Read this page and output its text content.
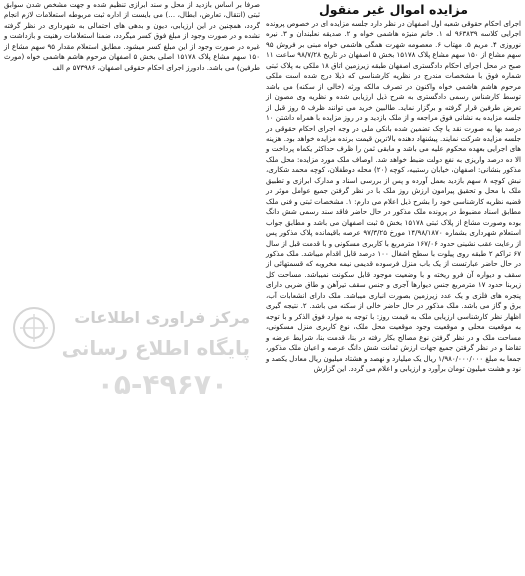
مزایده اموال غیر منقول

اجرای احکام حقوقی شعبه اول اصفهان در نظر دارد جلسه مزایده ای در خصوص پرونده اجرایی کلاسه ۹۶۳۸۳۹ له ۱. خانم منیژه هاشمی خواه و ۲. صدیقه نعلبندان و ۳. نیره نوروزی ۴. مریم ۵. مهتاب ۶. معصومه شهرت همگی هاشمی خواه مبنی بر فروش ۹۵ سهم مشاع از ۱۵۰ سهم مشاع پلاک ۱۵۱۷۸ بخش ۵ اصفهان در تاریخ ۹۸/۷/۲۸ ساعت ۱۱ صبح در محل اجرای احکام دادگستری اصفهان طبقه زیرزمین اتاق ۱۸ ملکی به پلاک ثبتی شماره فوق با مشخصات مندرج در نظریه کارشناسی که ذیلا درج شده است ملکی مرحوم هاشم هاشمی خواه واکنون در تصرف مالکه ورثه (خالی از سکنه) می باشد توسط کارشناس رسمی دادگستری به شرح ذیل ارزیابی شده و نظریه وی مصون از تعرض طرفین قرار گرفته و برگزار نماید. طالبین خرید می توانند ظرف ۵ روز قبل از جلسه مزایده به نشانی فوق مراجعه و از ملک بازدید و در روز مزایده با همراه داشتن ۱۰ درصد بها به صورت نقد یا چک تضمین شده بانکی ملی در وجه اجرای احکام حقوقی در جلسه مزایده شرکت نمایند. پیشنهاد دهنده بالاترین قیمت برنده مزایده خواهد بود. هزینه های اجرایی بعهده محکوم علیه می باشد و مابقی ثمن را ظرف حداکثر یکماه پرداخت و الا ده درصد واریزی به نفع دولت ضبط خواهد شد. اوصاف ملک مورد مزایده: محل ملک مذکور بنشانی: اصفهان، خیابان رستبیه، کوچه (۲۰) محله دوطفلان، کوچه محمد شکاری، نبش کوچه ۸ سهم بازدید بعمل آورده و پس از بررسی اسناد و مدارک ابرازی و تطبیق ملک با محل و تحقیق پیرامون ارزش روز ملک با در نظر گرفتن جمیع عوامل موثر در قضیه نظریه کارشناسی خود را بشرح ذیل اعلام می دارم: ۱. مشخصات ثبتی و فنی ملک مطابق اسناد مضبوط در پرونده ملک مذکور در حال حاضر فاقد سند رسمی شش دانگ بوده وصورت مشاع از پلاک ثبتی ۱۵۱۷۸ بخش ۵ ثبت اصفهان می باشد و مطابق جواب استعلام شهرداری بشماره ۱۴/۹۸/۱۸۷۰ مورخ ۹۷/۳/۲۵ عرصه باقیمانده پلاک مذکور پس از رعایت عقب نشینی حدود ۱۶۷/۰۶ مترمربع با کاربری مسکونی و با قدمت قبل از سال ۶۷ تراکم ۲ طبقه روی پیلوت با سطح اشغال ۱۰۰ درصد قابل اقدام میباشد. ملک مذکور در حال حاضر عبارتست از یک باب منزل فرسوده قدیمی نیمه مخروبه که قسمتهائی از سقف و دیواره آن فرو ریخته و با وضعیت موجود قابل سکونت نمیباشد. مساحت کل زیربنا حدود ۱۷ مترمربع جنس دیوارها آجری و جنس سقف تیرآهن و طاق ضربی دارای پنجره های فلزی و یک عدد زیرزمین بصورت انباری میباشد. ملک دارای انشعابات آب، برق و گاز می باشد. ملک مذکور در حال حاضر خالی از سکنه می باشد. ۲. نتیجه گیری اظهار نظر کارشناسی ارزیابی ملک به قیمت روز: با توجه به موارد فوق الذکر و با توجه به موقعیت محلی و موقعیت وجود موقعیت محل ملک، نوع کاربری منزل مسکونی، مساحت ملک و در نظر گرفتن نوع مصالح بکار رفته در بنا، قدمت بنا، شرایط عرضه و تقاضا و در نظر گرفتن جمیع جهات ارزش ثمانت شش دانگ عرصه و اعیان ملک مذکور، جمعا به مبلغ ۱/۹۸۰/۰۰۰/۰۰۰ ریال یک میلیارد و نهصد و هشتاد میلیون ریال معادل یکصد و نود و هشت میلیون تومان برآورد و ارزیابی و اعلام می گردد. این گزارش

صرفا بر اساس بازدید از محل و سند ابرازی تنظیم شده و جهت مشخص شدن سوابق ثبتی (انتقال، تعارض، ابطال، …) می بایست از اداره ثبت مربوطه استعلامات لازم انجام گردد، همچنین در این ارزیابی، دیون و بدهی های احتمالی به شهرداری در نظر گرفته نشده و در صورت وجود از مبلغ فوق کسر میگردد، ضمنا استعلامات رهنیت و بازداشت و غیره در صورت وجود از این مبلغ کسر میشود. مطابق استعلام مقدار ۹۵ سهم مشاع از ۱۵۰ سهم مشاع پلاک ۱۵۱۷۸ اصلی بخش ۵ اصفهان مرحوم هاشم هاشمی خواه (مورث طرفین) می باشد. دادورز اجرای احکام حقوقی اصفهان، ۵۷۳۹۸۶ م الف

مرکز فراوری اطلاعات
پایگاه اطلاع رسانی
۰۵-۴۹۶۷۰
